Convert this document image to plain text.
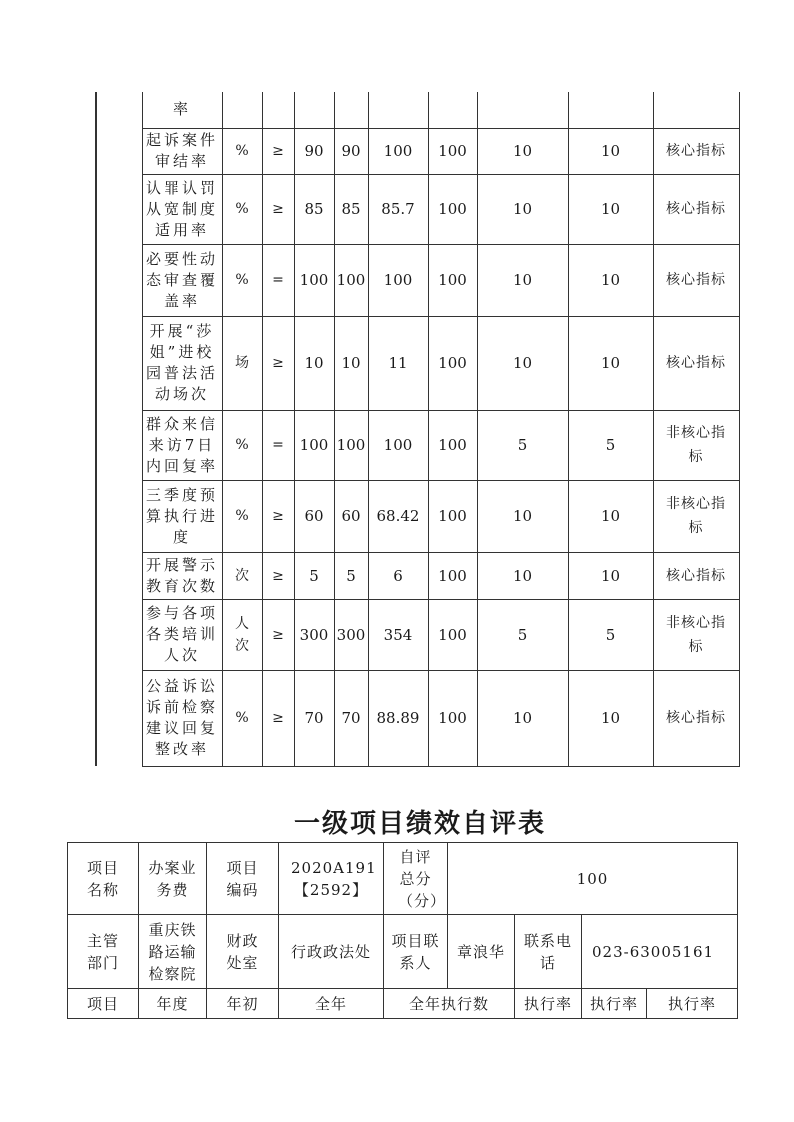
	率									
	起诉案件审结率	%	≥	90	90	100	100	10	10	核心指标
	认罪认罚从宽制度适用率	%	≥	85	85	85.7	100	10	10	核心指标
	必要性动态审查覆盖率	%	=	100	100	100	100	10	10	核心指标
	开展“莎姐”进校园普法活动场次	场	≥	10	10	11	100	10	10	核心指标
	群众来信来访7日内回复率	%	=	100	100	100	100	5	5	非核心指标
	三季度预算执行进度	%	≥	60	60	68.42	100	10	10	非核心指标
	开展警示教育次数	次	≥	5	5	6	100	10	10	核心指标
	参与各项各类培训人次	人次	≥	300	300	354	100	5	5	非核心指标
	公益诉讼诉前检察建议回复整改率	%	≥	70	70	88.89	100	10	10	核心指标
一级项目绩效自评表
项目名称	办案业务费	项目编码	2020A191【2592】	自评总分（分）	100			
主管部门	重庆铁路运输检察院	财政处室	行政政法处	项目联系人	章浪华	联系电话	023-63005161	
项目	年度	年初	全年	全年执行数		执行率	执行率	执行率
